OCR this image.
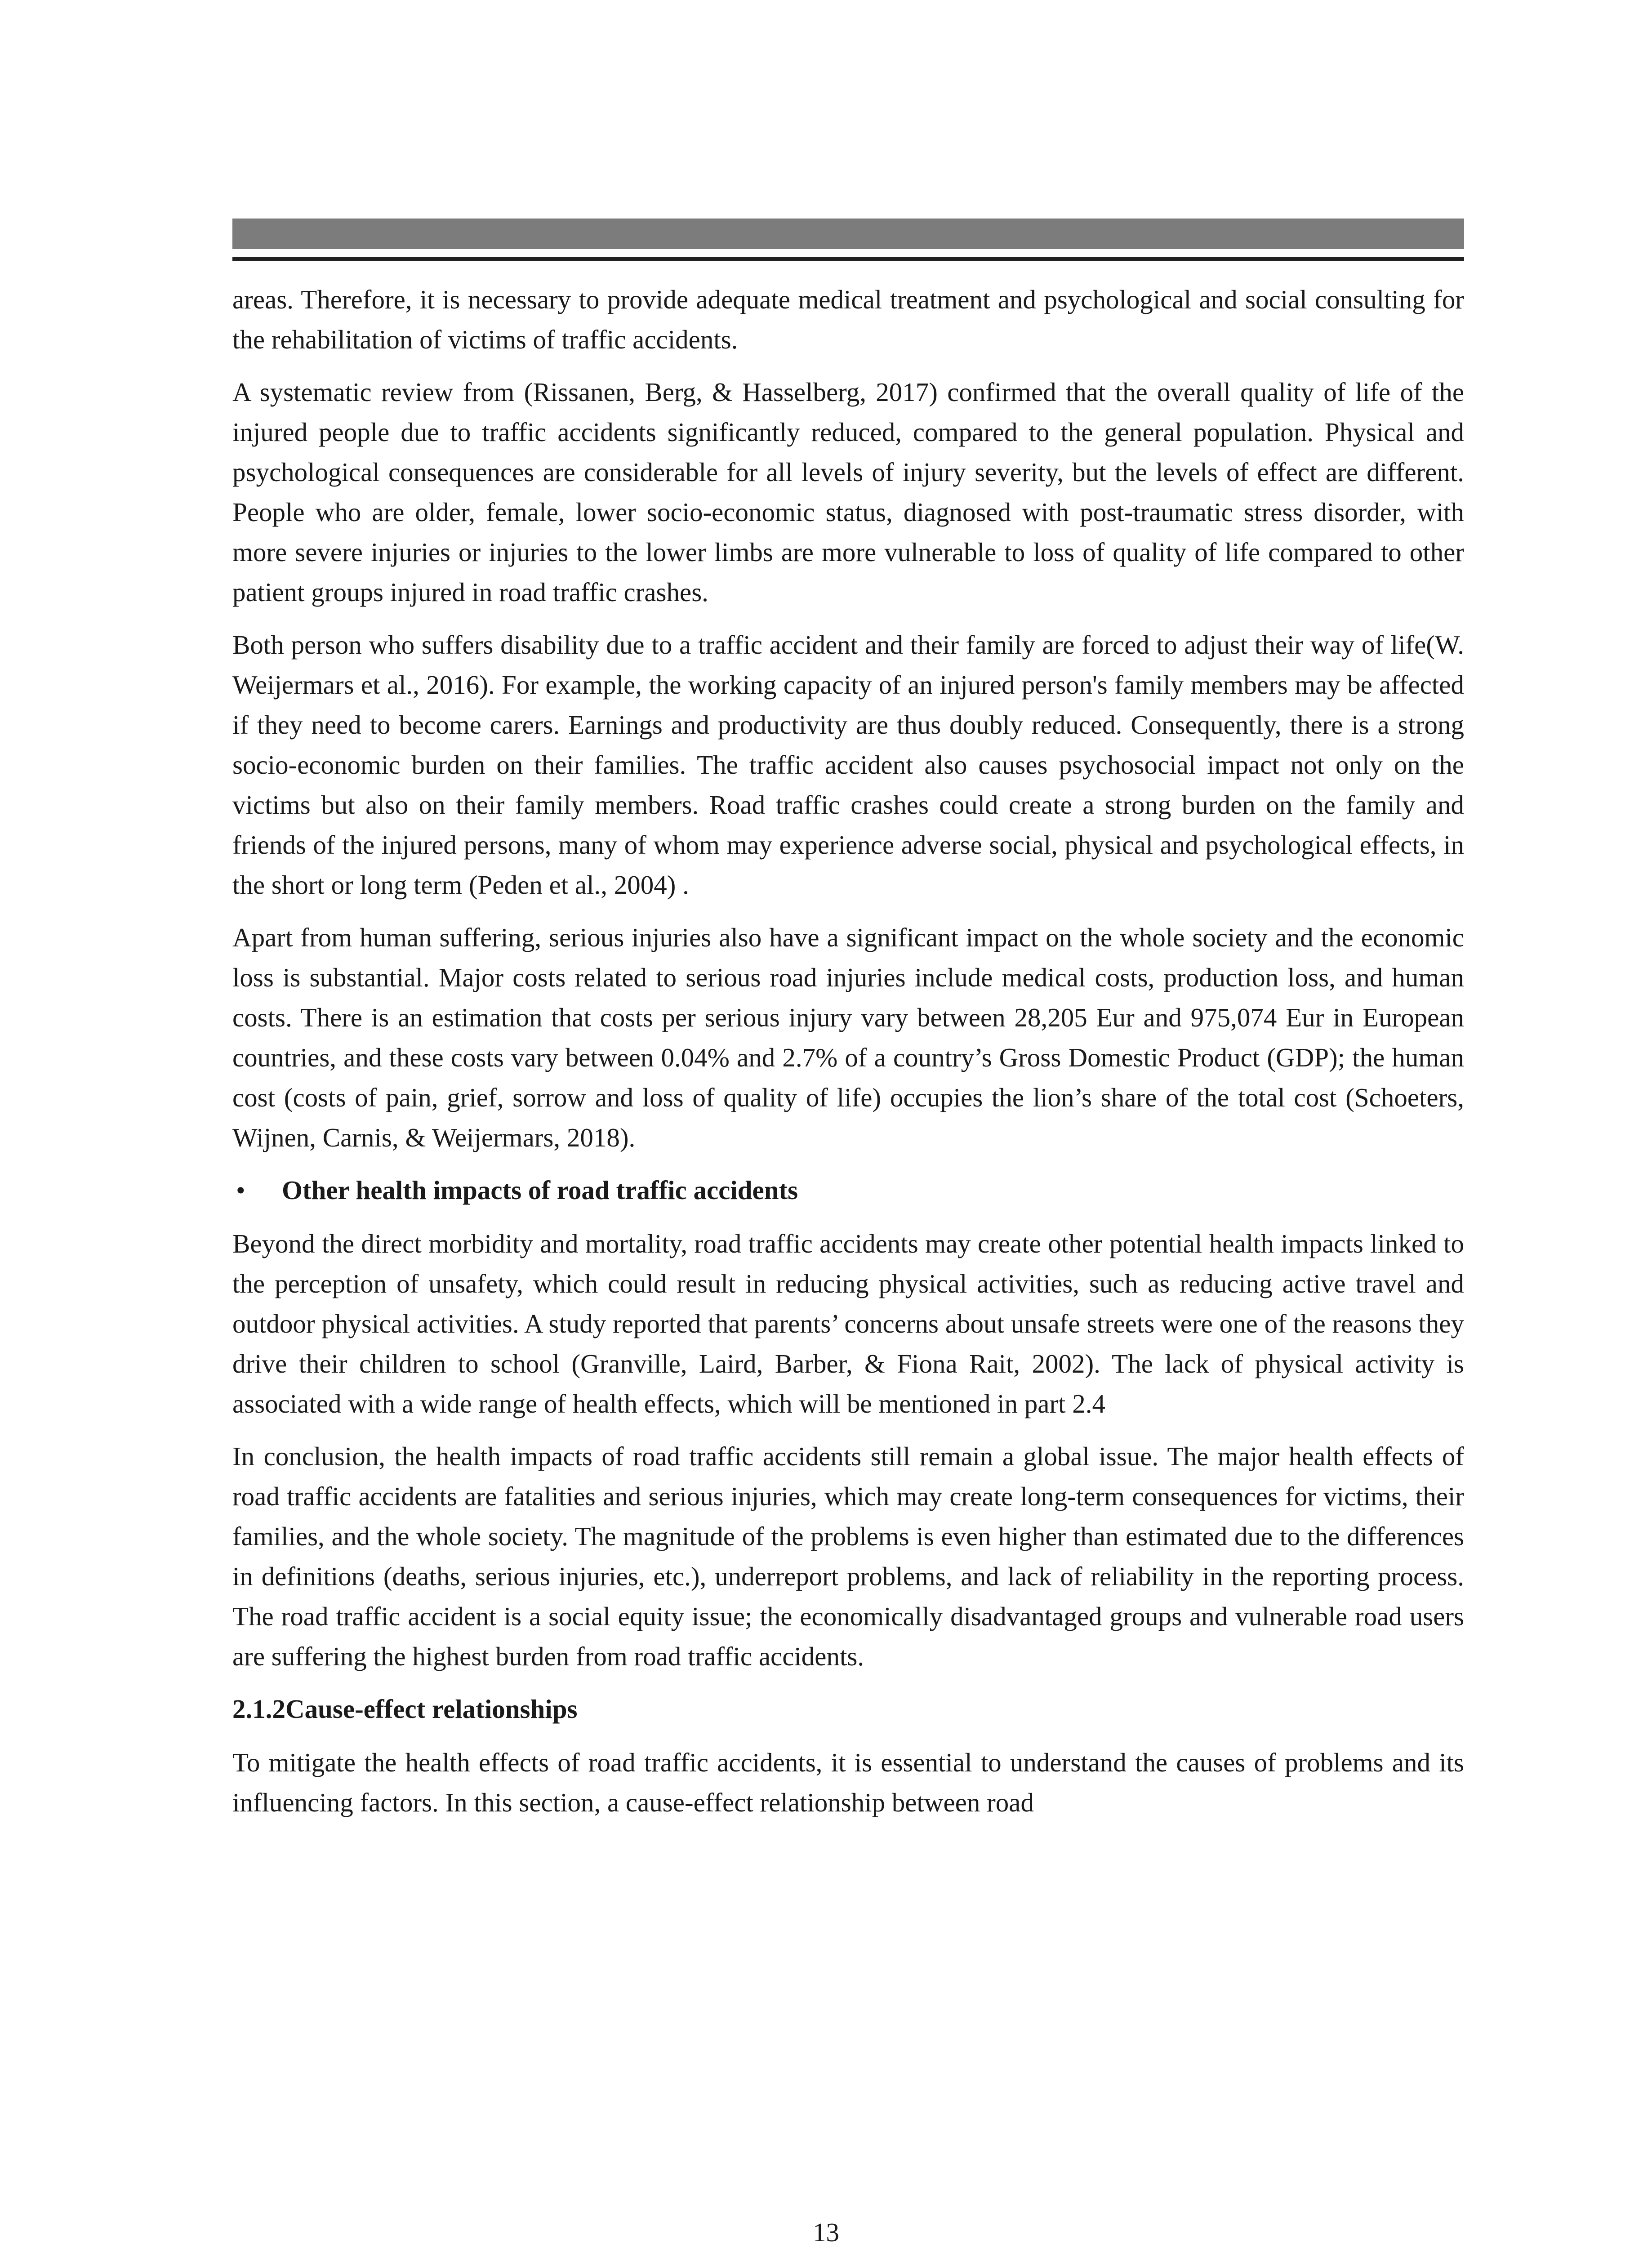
areas. Therefore, it is necessary to provide adequate medical treatment and psychological and social consulting for the rehabilitation of victims of traffic accidents.

A systematic review from (Rissanen, Berg, & Hasselberg, 2017) confirmed that the overall quality of life of the injured people due to traffic accidents significantly reduced, compared to the general population. Physical and psychological consequences are considerable for all levels of injury severity, but the levels of effect are different. People who are older, female, lower socio-economic status, diagnosed with post-traumatic stress disorder, with more severe injuries or injuries to the lower limbs are more vulnerable to loss of quality of life compared to other patient groups injured in road traffic crashes.

Both person who suffers disability due to a traffic accident and their family are forced to adjust their way of life(W. Weijermars et al., 2016). For example, the working capacity of an injured person's family members may be affected if they need to become carers. Earnings and productivity are thus doubly reduced. Consequently, there is a strong socio-economic burden on their families. The traffic accident also causes psychosocial impact not only on the victims but also on their family members. Road traffic crashes could create a strong burden on the family and friends of the injured persons, many of whom may experience adverse social, physical and psychological effects, in the short or long term (Peden et al., 2004) .

Apart from human suffering, serious injuries also have a significant impact on the whole society and the economic loss is substantial. Major costs related to serious road injuries include medical costs, production loss, and human costs. There is an estimation that costs per serious injury vary between 28,205 Eur and 975,074 Eur in European countries, and these costs vary between 0.04% and 2.7% of a country’s Gross Domestic Product (GDP); the human cost (costs of pain, grief, sorrow and loss of quality of life) occupies the lion’s share of the total cost (Schoeters, Wijnen, Carnis, & Weijermars, 2018).

•	Other health impacts of road traffic accidents

Beyond the direct morbidity and mortality, road traffic accidents may create other potential health impacts linked to the perception of unsafety, which could result in reducing physical activities, such as reducing active travel and outdoor physical activities. A study reported that parents’ concerns about unsafe streets were one of the reasons they drive their children to school (Granville, Laird, Barber, & Fiona Rait, 2002). The lack of physical activity is associated with a wide range of health effects, which will be mentioned in part 2.4

In conclusion, the health impacts of road traffic accidents still remain a global issue. The major health effects of road traffic accidents are fatalities and serious injuries, which may create long-term consequences for victims, their families, and the whole society. The magnitude of the problems is even higher than estimated due to the differences in definitions (deaths, serious injuries, etc.), underreport problems, and lack of reliability in the reporting process. The road traffic accident is a social equity issue; the economically disadvantaged groups and vulnerable road users are suffering the highest burden from road traffic accidents.

2.1.2Cause-effect relationships

To mitigate the health effects of road traffic accidents, it is essential to understand the causes of problems and its influencing factors. In this section, a cause-effect relationship between road

13
